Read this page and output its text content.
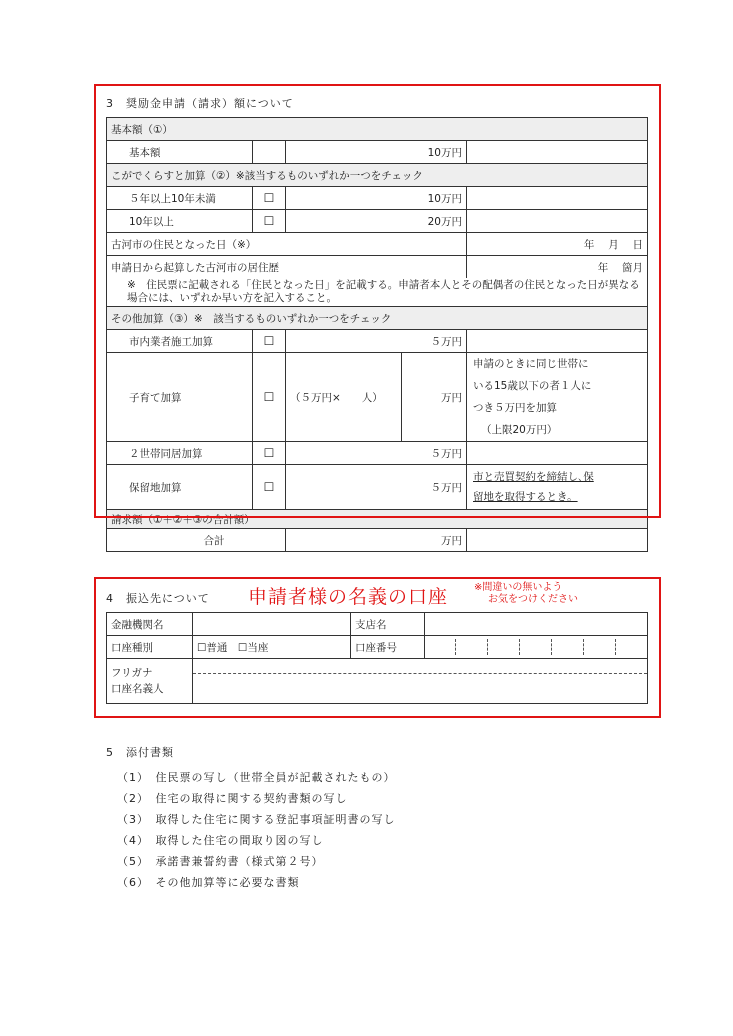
3　奨励金申請（請求）額について
基本額（①）				
基本額		10万円		
こがでくらすと加算（②）※該当するものいずれか一つをチェック				
５年以上10年未満	☐	10万円		
10年以上	☐	20万円		
古河市の住民となった日（※）				年　 月　 日
申請日から起算した古河市の居住歴				年　 箇月
※　住民票に記載される「住民となった日」を記載する。申請者本人とその配偶者の住民となった日が異なる場合には、いずれか早い方を記入すること。				
その他加算（③）※　該当するものいずれか一つをチェック				
市内業者施工加算	☐	５万円		
子育て加算	☐	（５万円×　　人）	万円	申請のときに同じ世帯に
いる15歳以下の者１人に
つき５万円を加算
（上限20万円）

２世帯同居加算	☐	５万円		
保留地加算	☐	５万円		市と売買契約を締結し､保
留地を取得するとき。

請求額（①＋②＋③の合計額）				
合計		万円		
4　振込先について 申請者様の名義の口座	※間違いの無いよう
お気をつけください
金融機関名		支店名	
口座種別	☐普通　☐当座	口座番号	

フリガナ
口座名義人			

5　添付書類
（1）　住民票の写し（世帯全員が記載されたもの）
（2）　住宅の取得に関する契約書類の写し
（3）　取得した住宅に関する登記事項証明書の写し
（4）　取得した住宅の間取り図の写し
（5）　承諾書兼誓約書（様式第２号）
（6）　その他加算等に必要な書類
